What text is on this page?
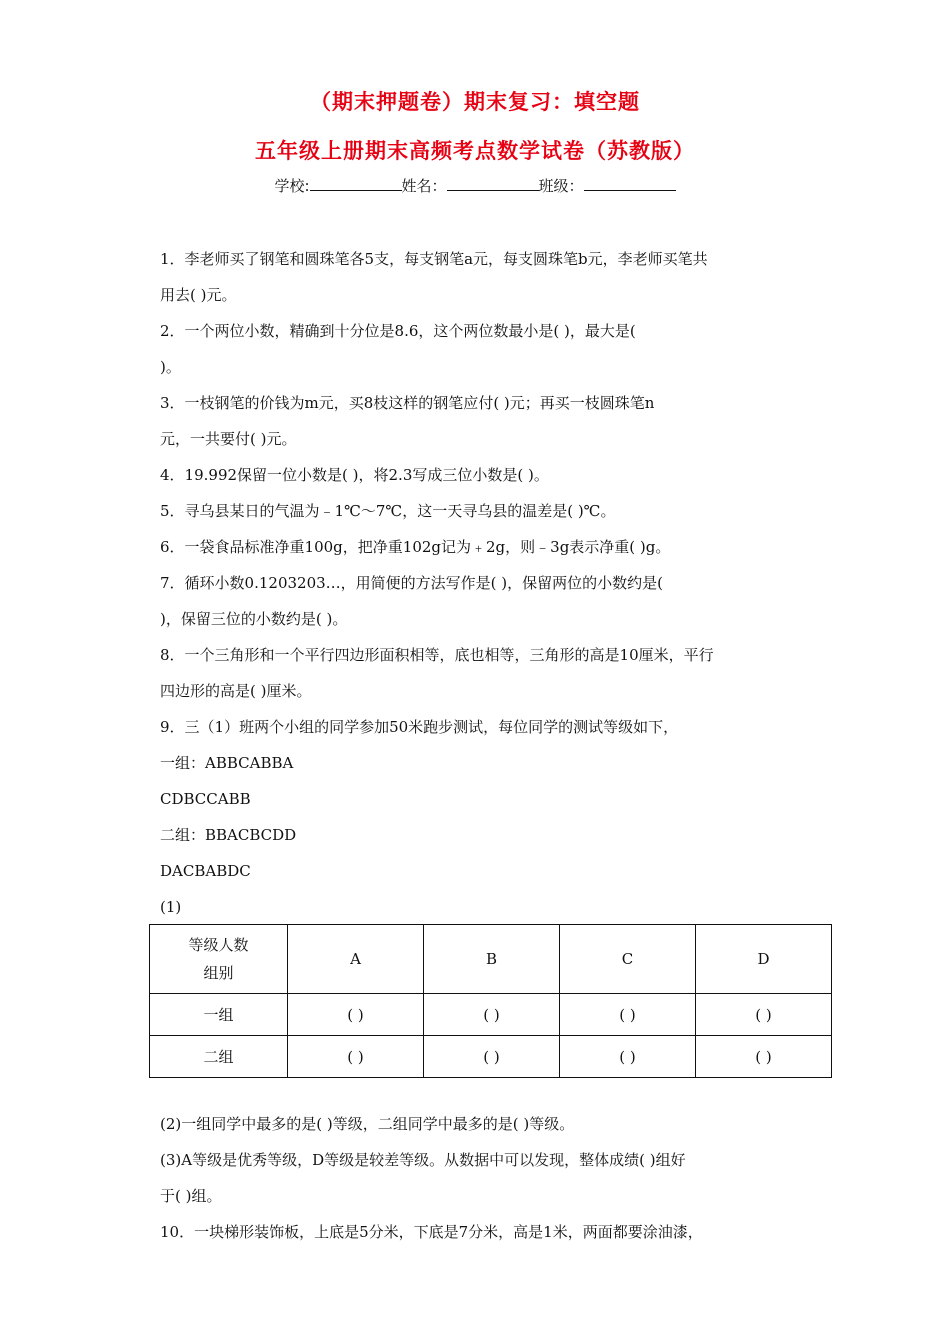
（期末押题卷）期末复习：填空题
五年级上册期末高频考点数学试卷（苏教版）
学校:	姓名：	班级：
1．李老师买了钢笔和圆珠笔各5支，每支钢笔a元，每支圆珠笔b元，李老师买笔共
用去( )元。
2．一个两位小数，精确到十分位是8.6，这个两位数最小是( )，最大是(
)。
3．一枝钢笔的价钱为m元，买8枝这样的钢笔应付( )元；再买一枝圆珠笔n
元，一共要付( )元。
4．19.992保留一位小数是( )，将2.3写成三位小数是( )。
5．寻乌县某日的气温为﹣1℃～7℃，这一天寻乌县的温差是( )℃。
6．一袋食品标准净重100g，把净重102g记为﹢2g，则﹣3g表示净重( )g。
7．循环小数0.1203203…，用简便的方法写作是( )，保留两位的小数约是(
)，保留三位的小数约是( )。
8．一个三角形和一个平行四边形面积相等，底也相等，三角形的高是10厘米，平行
四边形的高是( )厘米。
9．三（1）班两个小组的同学参加50米跑步测试，每位同学的测试等级如下，
一组：ABBCABBA
CDBCCABB
二组：BBACBCDD
DACBABDC
(1)
等级人数
组别	A	B	C	D
一组	( )	( )	( )	( )
二组	( )	( )	( )	( )
(2)一组同学中最多的是( )等级，二组同学中最多的是( )等级。
(3)A等级是优秀等级，D等级是较差等级。从数据中可以发现，整体成绩( )组好
于( )组。
10．一块梯形装饰板，上底是5分米，下底是7分米，高是1米，两面都要涂油漆，
